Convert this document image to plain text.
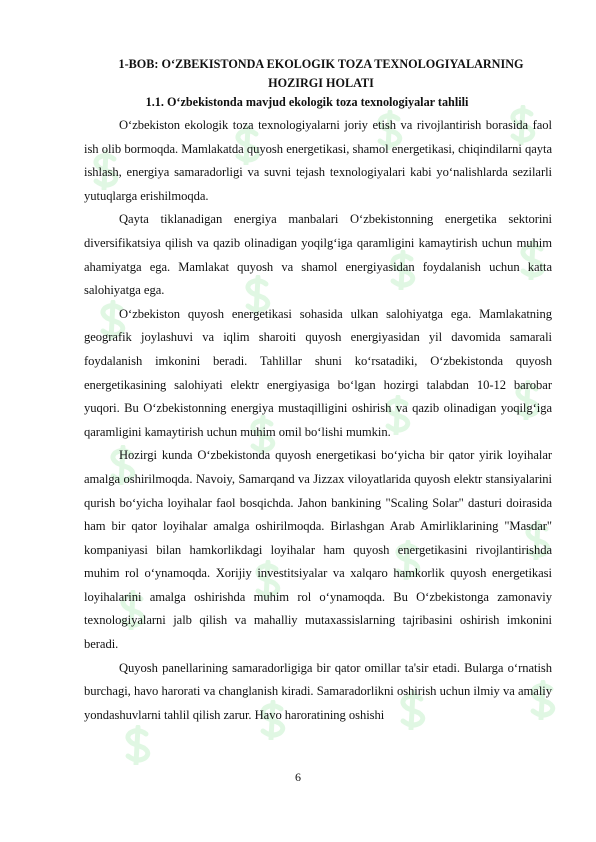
1-BOB: O‘ZBEKISTONDA EKOLOGIK TOZA TEXNOLOGIYALARNING
HOZIRGI HOLATI

1.1. O‘zbekistonda mavjud ekologik toza texnologiyalar tahlili

O‘zbekiston ekologik toza texnologiyalarni joriy etish va rivojlantirish borasida faol ish olib bormoqda. Mamlakatda quyosh energetikasi, shamol energetikasi, chiqindilarni qayta ishlash, energiya samaradorligi va suvni tejash texnologiyalari kabi yo‘nalishlarda sezilarli yutuqlarga erishilmoqda.

Qayta tiklanadigan energiya manbalari O‘zbekistonning energetika sektorini diversifikatsiya qilish va qazib olinadigan yoqilg‘iga qaramligini kamaytirish uchun muhim ahamiyatga ega. Mamlakat quyosh va shamol energiyasidan foydalanish uchun katta salohiyatga ega.

O‘zbekiston quyosh energetikasi sohasida ulkan salohiyatga ega. Mamlakatning geografik joylashuvi va iqlim sharoiti quyosh energiyasidan yil davomida samarali foydalanish imkonini beradi. Tahlillar shuni ko‘rsatadiki, O‘zbekistonda quyosh energetikasining salohiyati elektr energiyasiga bo‘lgan hozirgi talabdan 10-12 barobar yuqori. Bu O‘zbekistonning energiya mustaqilligini oshirish va qazib olinadigan yoqilg‘iga qaramligini kamaytirish uchun muhim omil bo‘lishi mumkin.

Hozirgi kunda O‘zbekistonda quyosh energetikasi bo‘yicha bir qator yirik loyihalar amalga oshirilmoqda. Navoiy, Samarqand va Jizzax viloyatlarida quyosh elektr stansiyalarini qurish bo‘yicha loyihalar faol bosqichda. Jahon bankining "Scaling Solar" dasturi doirasida ham bir qator loyihalar amalga oshirilmoqda. Birlashgan Arab Amirliklarining "Masdar" kompaniyasi bilan hamkorlikdagi loyihalar ham quyosh energetikasini rivojlantirishda muhim rol o‘ynamoqda. Xorijiy investitsiyalar va xalqaro hamkorlik quyosh energetikasi loyihalarini amalga oshirishda muhim rol o‘ynamoqda. Bu O‘zbekistonga zamonaviy texnologiyalarni jalb qilish va mahalliy mutaxassislarning tajribasini oshirish imkonini beradi.

Quyosh panellarining samaradorligiga bir qator omillar ta'sir etadi. Bularga o‘rnatish burchagi, havo harorati va changlanish kiradi. Samaradorlikni oshirish uchun ilmiy va amaliy yondashuvlarni tahlil qilish zarur. Havo haroratining oshishi

6
